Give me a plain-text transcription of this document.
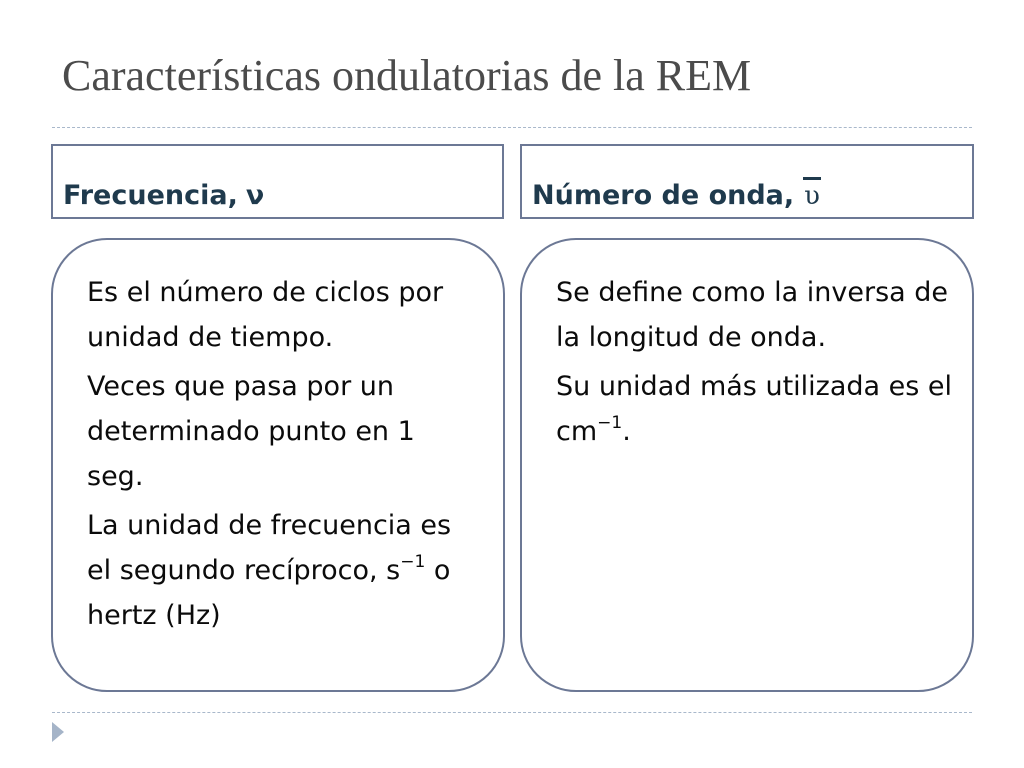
Características ondulatorias de la REM
Frecuencia, ν	Número de onda, υ

Es el número de ciclos por unidad de tiempo.

Veces que pasa por un determinado punto en 1 seg.

La unidad de frecuencia es el segundo recíproco, $s^{-1}$ o hertz (Hz)

Se define como la inversa de la longitud de onda.

Su unidad más utilizada es el $cm^{-1}$.
